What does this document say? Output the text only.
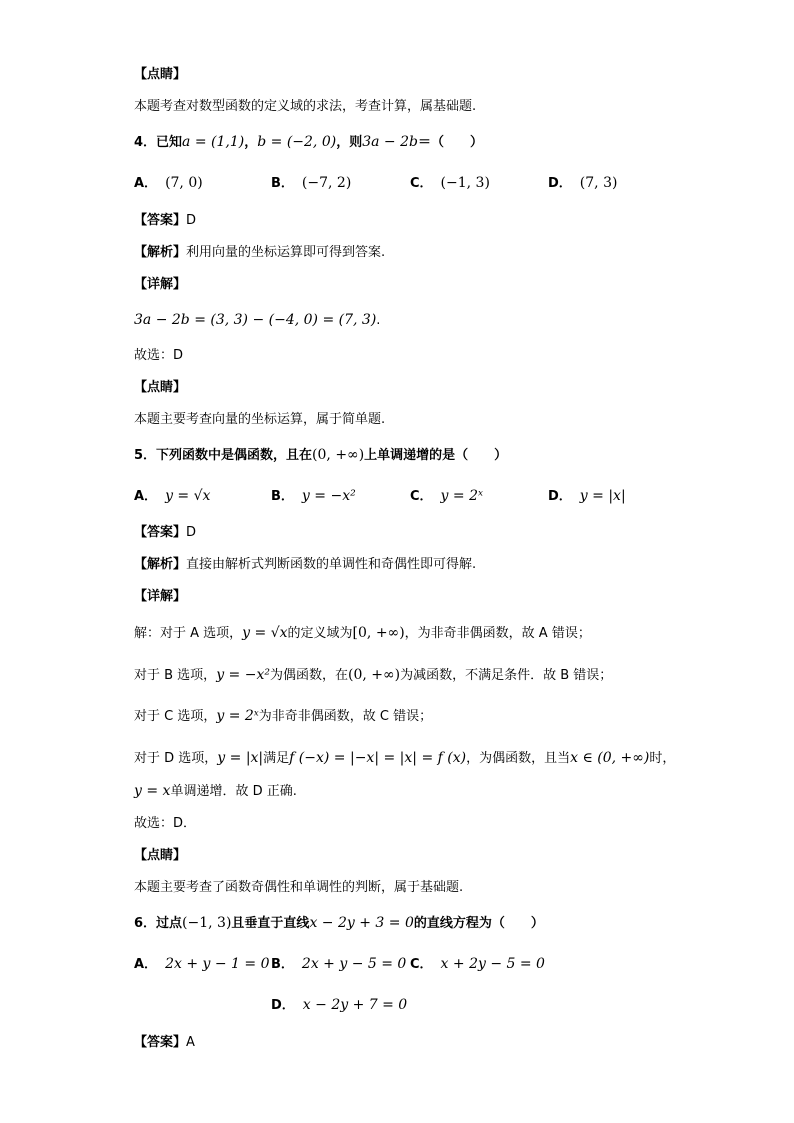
【点睛】
本题考查对数型函数的定义域的求法，考查计算，属基础题.
4．已知a = (1,1)，b = (−2, 0)，则3a − 2b＝（　　）
A． (7, 0)	B． (−7, 2)	C． (−1, 3)	D． (7, 3)
【答案】D
【解析】利用向量的坐标运算即可得到答案.
【详解】
3a − 2b = (3, 3) − (−4, 0) = (7, 3).
故选：D
【点睛】
本题主要考查向量的坐标运算，属于简单题.
5．下列函数中是偶函数，且在(0, +∞)上单调递增的是（　　）
A． y = √x	B． y = −x²	C． y = 2ˣ	D． y = |x|
【答案】D
【解析】直接由解析式判断函数的单调性和奇偶性即可得解.
【详解】
解：对于 A 选项，y = √x的定义域为[0, +∞)，为非奇非偶函数，故 A 错误；
对于 B 选项，y = −x²为偶函数，在(0, +∞)为减函数，不满足条件．故 B 错误；
对于 C 选项，y = 2ˣ为非奇非偶函数，故 C 错误；
对于 D 选项，y = |x|满足f (−x) = |−x| = |x| = f (x)，为偶函数，且当x ∈ (0, +∞)时，
y = x单调递增．故 D 正确.
故选：D．
【点睛】
本题主要考查了函数奇偶性和单调性的判断，属于基础题.
6．过点(−1, 3)且垂直于直线x − 2y + 3 = 0的直线方程为（　　）
A． 2x + y − 1 = 0 B． 2x + y − 5 = 0 C． x + 2y − 5 = 0
D． x − 2y + 7 = 0
【答案】A
